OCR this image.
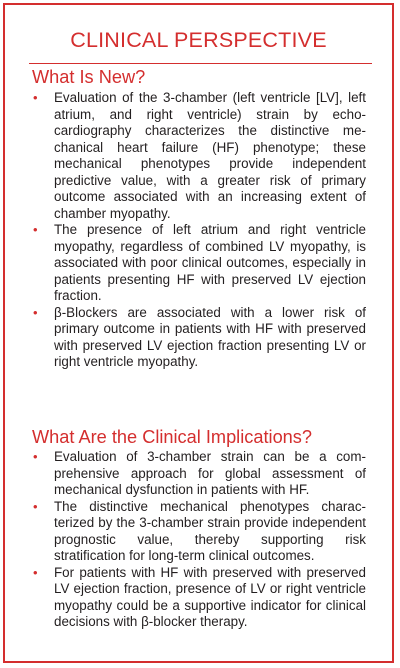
CLINICAL PERSPECTIVE
What Is New?
• Evaluation of the 3-chamber (left ventricle [LV], left atrium, and right ventricle) strain by echocardiography characterizes the distinctive mechanical heart failure (HF) phenotype; these mechanical phenotypes provide independent predictive value, with a greater risk of primary outcome associated with an increasing extent of chamber myopathy.
• The presence of left atrium and right ventricle myopathy, regardless of combined LV myopathy, is associated with poor clinical outcomes, especially in patients presenting HF with preserved LV ejection fraction.
• β-Blockers are associated with a lower risk of primary outcome in patients with HF with preserved with preserved LV ejection fraction presenting LV or right ventricle myopathy.
What Are the Clinical Implications?
• Evaluation of 3-chamber strain can be a comprehensive approach for global assessment of mechanical dysfunction in patients with HF.
• The distinctive mechanical phenotypes characterized by the 3-chamber strain provide independent prognostic value, thereby supporting risk stratification for long-term clinical outcomes.
• For patients with HF with preserved with preserved LV ejection fraction, presence of LV or right ventricle myopathy could be a supportive indicator for clinical decisions with β-blocker therapy.
